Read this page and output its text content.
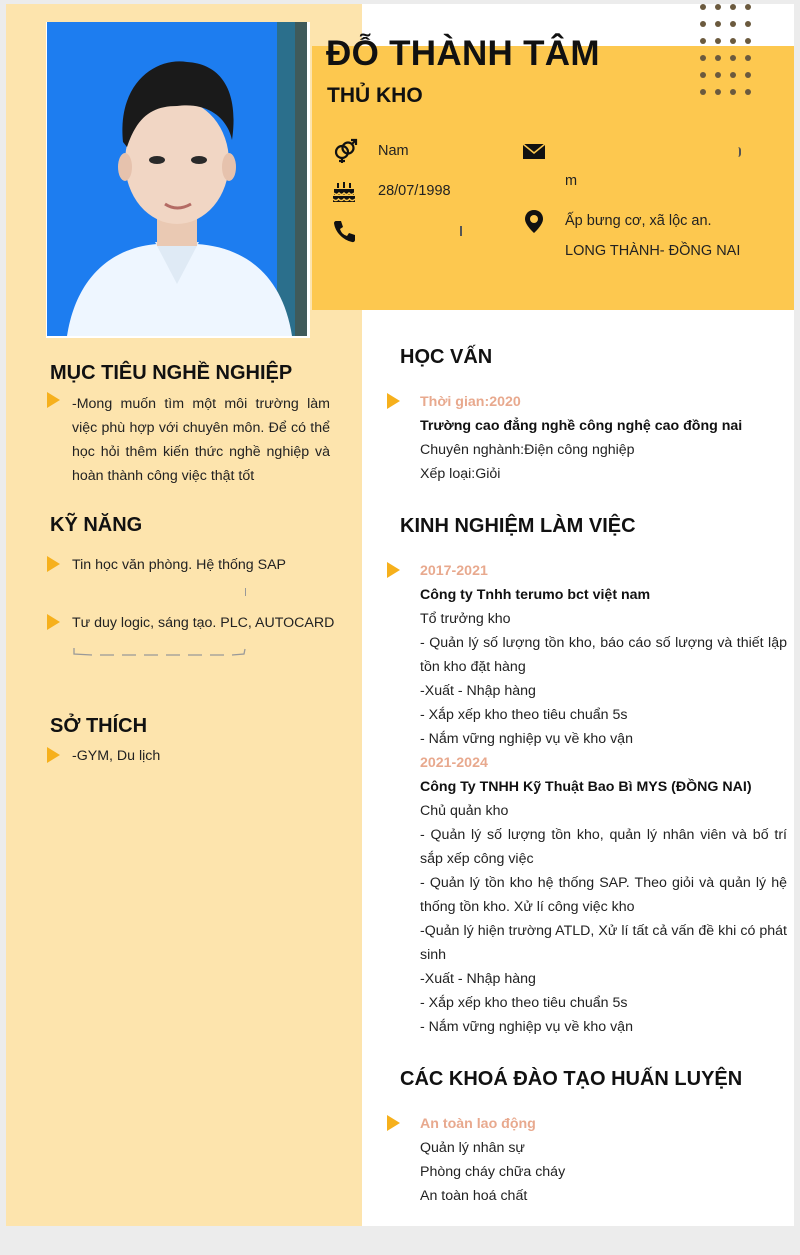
ĐỖ THÀNH TÂM
THỦ KHO
Nam
28/07/1998
m
Ấp bưng cơ, xã lộc an.
LONG THÀNH- ĐỒNG NAI
MỤC TIÊU NGHỀ NGHIỆP
-Mong muốn tìm một môi trường làm việc phù hợp với chuyên môn. Để có thể học hỏi thêm kiến thức nghề nghiệp và hoàn thành công việc thật tốt
KỸ NĂNG
Tin học văn phòng. Hệ thống SAP
Tư duy logic, sáng tạo. PLC, AUTOCARD
SỞ THÍCH
-GYM, Du lịch
HỌC VẤN
Thời gian:2020
Trường cao đẳng nghề công nghệ cao đồng nai
Chuyên nghành:Điện công nghiệp
Xếp loại:Giỏi
KINH NGHIỆM LÀM VIỆC
2017-2021
Công ty Tnhh terumo bct việt nam
Tổ trưởng kho
- Quản lý số lượng tồn kho, báo cáo số lượng và thiết lập tồn kho đặt hàng
-Xuất - Nhập hàng
- Xắp xếp kho theo tiêu chuẩn 5s
- Nắm vững nghiệp vụ về kho vận
2021-2024
Công Ty TNHH Kỹ Thuật Bao Bì MYS (ĐỒNG NAI)
Chủ quản kho
- Quản lý số lượng tồn kho, quản lý nhân viên và bố trí sắp xếp công việc
- Quản lý tồn kho hệ thống SAP. Theo giỏi và quản lý hệ thống tồn kho. Xử lí công việc kho
-Quản lý hiện trường ATLD, Xử lí tất cả vấn đề khi có phát sinh
-Xuất - Nhập hàng
- Xắp xếp kho theo tiêu chuẩn 5s
- Nắm vững nghiệp vụ về kho vận
CÁC KHOÁ ĐÀO TẠO HUẤN LUYỆN
An toàn lao động
Quản lý nhân sự
Phòng cháy chữa cháy
An toàn hoá chất
